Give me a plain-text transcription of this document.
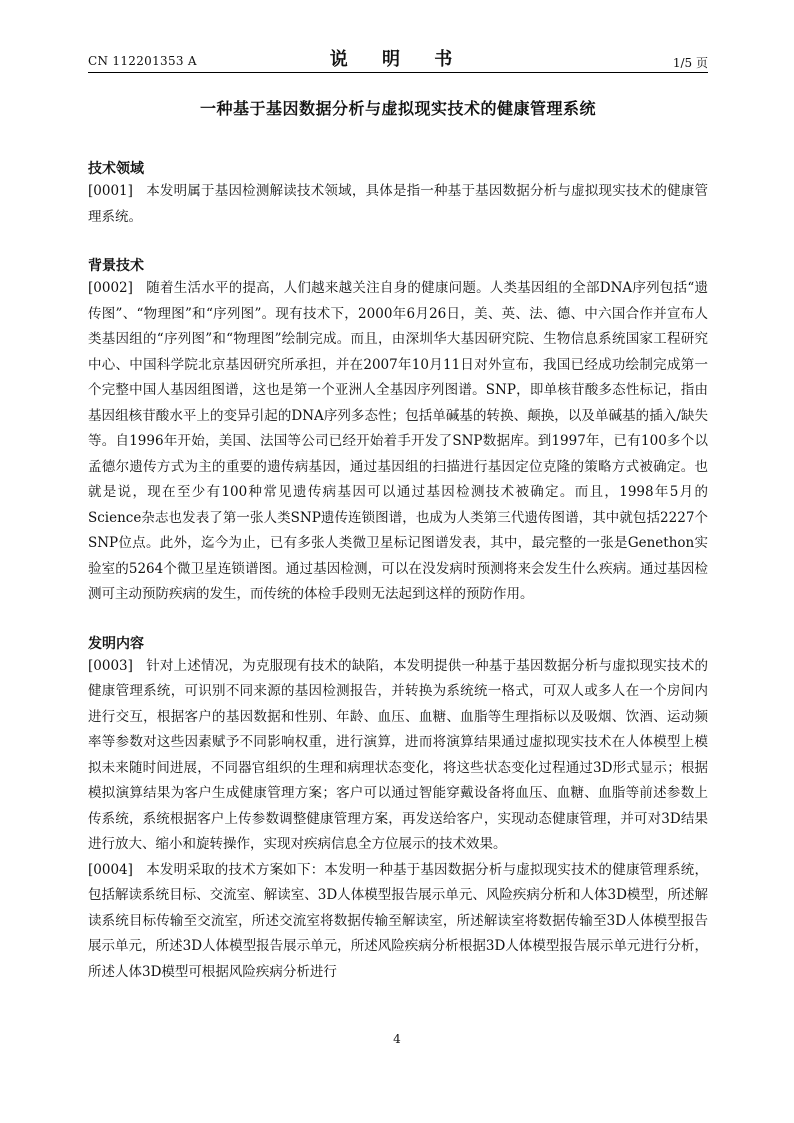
CN 112201353 A	说 明 书	1/5 页
一种基于基因数据分析与虚拟现实技术的健康管理系统
技术领域

[0001] 本发明属于基因检测解读技术领域，具体是指一种基于基因数据分析与虚拟现实技术的健康管理系统。

背景技术

[0002] 随着生活水平的提高，人们越来越关注自身的健康问题。人类基因组的全部DNA序列包括“遗传图”、“物理图”和“序列图”。现有技术下，2000年6月26日，美、英、法、德、中六国合作并宣布人类基因组的“序列图”和“物理图”绘制完成。而且，由深圳华大基因研究院、生物信息系统国家工程研究中心、中国科学院北京基因研究所承担，并在2007年10月11日对外宣布，我国已经成功绘制完成第一个完整中国人基因组图谱，这也是第一个亚洲人全基因序列图谱。SNP，即单核苷酸多态性标记，指由基因组核苷酸水平上的变异引起的DNA序列多态性；包括单碱基的转换、颠换，以及单碱基的插入/缺失等。自1996年开始，美国、法国等公司已经开始着手开发了SNP数据库。到1997年，已有100多个以孟德尔遗传方式为主的重要的遗传病基因，通过基因组的扫描进行基因定位克隆的策略方式被确定。也就是说，现在至少有100种常见遗传病基因可以通过基因检测技术被确定。而且，1998年5月的Science杂志也发表了第一张人类SNP遗传连锁图谱，也成为人类第三代遗传图谱，其中就包括2227个SNP位点。此外，迄今为止，已有多张人类微卫星标记图谱发表，其中，最完整的一张是Genethon实验室的5264个微卫星连锁谱图。通过基因检测，可以在没发病时预测将来会发生什么疾病。通过基因检测可主动预防疾病的发生，而传统的体检手段则无法起到这样的预防作用。

发明内容

[0003] 针对上述情况，为克服现有技术的缺陷，本发明提供一种基于基因数据分析与虚拟现实技术的健康管理系统，可识别不同来源的基因检测报告，并转换为系统统一格式，可双人或多人在一个房间内进行交互，根据客户的基因数据和性别、年龄、血压、血糖、血脂等生理指标以及吸烟、饮酒、运动频率等参数对这些因素赋予不同影响权重，进行演算，进而将演算结果通过虚拟现实技术在人体模型上模拟未来随时间进展，不同器官组织的生理和病理状态变化，将这些状态变化过程通过3D形式显示；根据模拟演算结果为客户生成健康管理方案；客户可以通过智能穿戴设备将血压、血糖、血脂等前述参数上传系统，系统根据客户上传参数调整健康管理方案，再发送给客户，实现动态健康管理，并可对3D结果进行放大、缩小和旋转操作，实现对疾病信息全方位展示的技术效果。

[0004] 本发明采取的技术方案如下：本发明一种基于基因数据分析与虚拟现实技术的健康管理系统，包括解读系统目标、交流室、解读室、3D人体模型报告展示单元、风险疾病分析和人体3D模型，所述解读系统目标传输至交流室，所述交流室将数据传输至解读室，所述解读室将数据传输至3D人体模型报告展示单元，所述3D人体模型报告展示单元，所述风险疾病分析根据3D人体模型报告展示单元进行分析，所述人体3D模型可根据风险疾病分析进行

4
